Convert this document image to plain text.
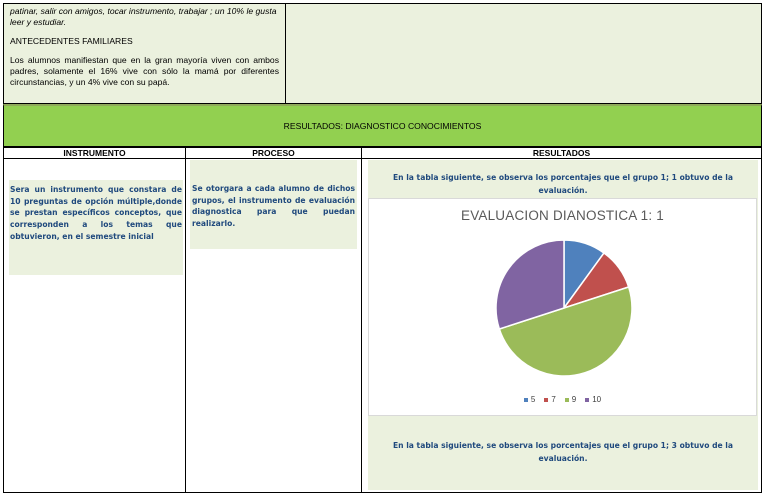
patinar, salir con amigos, tocar instrumento, trabajar ; un 10% le gusta leer y estudiar.

ANTECEDENTES FAMILIARES

Los alumnos manifiestan que en la gran mayoría viven con ambos padres, solamente el 16% vive con sólo la mamá por diferentes circunstancias, y un 4% vive con su papá.

RESULTADOS: DIAGNOSTICO CONOCIMIENTOS
INSTRUMENTO
Sera un instrumento que constara de 10 preguntas de opción múltiple,donde se prestan específicos conceptos, que corresponden a los temas que obtuvieron, en el semestre inicial
PROCESO
Se otorgara a cada alumno de dichos grupos, el instrumento de evaluación diagnostica para que puedan realizarlo.
RESULTADOS
En la tabla siguiente, se observa los porcentajes que el grupo 1; 1 obtuvo de la evaluación.
EVALUACION DIANOSTICA 1: 1
5 7 9 10
En la tabla siguiente, se observa los porcentajes que el grupo 1; 3 obtuvo de la evaluación.
